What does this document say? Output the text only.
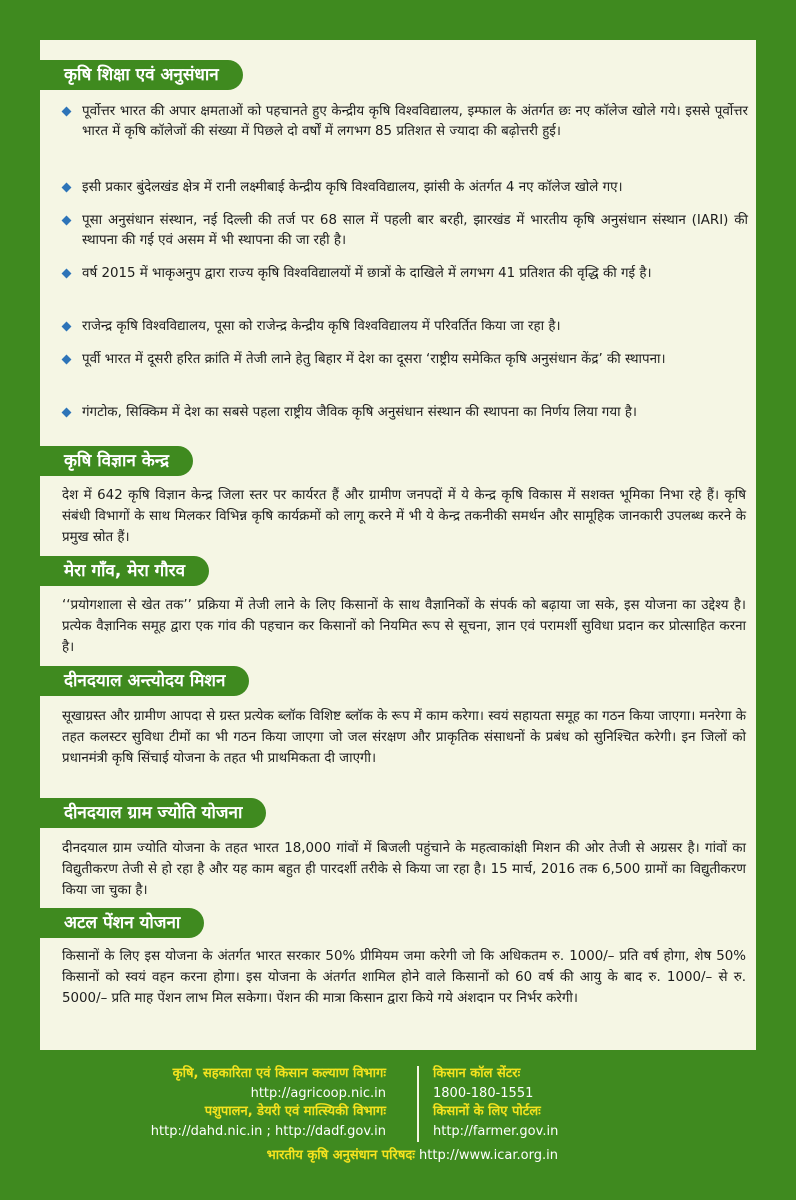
कृषि शिक्षा एवं अनुसंधान
पूर्वोत्तर भारत की अपार क्षमताओं को पहचानते हुए केन्द्रीय कृषि विश्वविद्यालय, इम्फाल के अंतर्गत छः नए कॉलेज खोले गये। इससे पूर्वोत्तर भारत में कृषि कॉलेजों की संख्या में पिछले दो वर्षों में लगभग 85 प्रतिशत से ज्यादा की बढ़ोत्तरी हुई।
इसी प्रकार बुंदेलखंड क्षेत्र में रानी लक्ष्मीबाई केन्द्रीय कृषि विश्वविद्यालय, झांसी के अंतर्गत 4 नए कॉलेज खोले गए।
पूसा अनुसंधान संस्थान, नई दिल्ली की तर्ज पर 68 साल में पहली बार बरही, झारखंड में भारतीय कृषि अनुसंधान संस्थान (IARI) की स्थापना की गई एवं असम में भी स्थापना की जा रही है।
वर्ष 2015 में भाकृअनुप द्वारा राज्य कृषि विश्वविद्यालयों में छात्रों के दाखिले में लगभग 41 प्रतिशत की वृद्धि की गई है।
राजेन्द्र कृषि विश्वविद्यालय, पूसा को राजेन्द्र केन्द्रीय कृषि विश्वविद्यालय में परिवर्तित किया जा रहा है।
पूर्वी भारत में दूसरी हरित क्रांति में तेजी लाने हेतु बिहार में देश का दूसरा ‘राष्ट्रीय समेकित कृषि अनुसंधान केंद्र’ की स्थापना।
गंगटोक, सिक्किम में देश का सबसे पहला राष्ट्रीय जैविक कृषि अनुसंधान संस्थान की स्थापना का निर्णय लिया गया है।
कृषि विज्ञान केन्द्र
देश में 642 कृषि विज्ञान केन्द्र जिला स्तर पर कार्यरत हैं और ग्रामीण जनपदों में ये केन्द्र कृषि विकास में सशक्त भूमिका निभा रहे हैं। कृषि संबंधी विभागों के साथ मिलकर विभिन्न कृषि कार्यक्रमों को लागू करने में भी ये केन्द्र तकनीकी समर्थन और सामूहिक जानकारी उपलब्ध करने के प्रमुख स्रोत हैं।
मेरा गाँव, मेरा गौरव
‘‘प्रयोगशाला से खेत तक’’ प्रक्रिया में तेजी लाने के लिए किसानों के साथ वैज्ञानिकों के संपर्क को बढ़ाया जा सके, इस योजना का उद्देश्य है। प्रत्येक वैज्ञानिक समूह द्वारा एक गांव की पहचान कर किसानों को नियमित रूप से सूचना, ज्ञान एवं परामर्शी सुविधा प्रदान कर प्रोत्साहित करना है।
दीनदयाल अन्त्योदय मिशन
सूखाग्रस्त और ग्रामीण आपदा से ग्रस्त प्रत्येक ब्लॉक विशिष्ट ब्लॉक के रूप में काम करेगा। स्वयं सहायता समूह का गठन किया जाएगा। मनरेगा के तहत कलस्टर सुविधा टीमों का भी गठन किया जाएगा जो जल संरक्षण और प्राकृतिक संसाधनों के प्रबंध को सुनिश्चित करेगी। इन जिलों को प्रधानमंत्री कृषि सिंचाई योजना के तहत भी प्राथमिकता दी जाएगी।
दीनदयाल ग्राम ज्योति योजना
दीनदयाल ग्राम ज्योति योजना के तहत भारत 18,000 गांवों में बिजली पहुंचाने के महत्वाकांक्षी मिशन की ओर तेजी से अग्रसर है। गांवों का विद्युतीकरण तेजी से हो रहा है और यह काम बहुत ही पारदर्शी तरीके से किया जा रहा है। 15 मार्च, 2016 तक 6,500 ग्रामों का विद्युतीकरण किया जा चुका है।
अटल पेंशन योजना
किसानों के लिए इस योजना के अंतर्गत भारत सरकार 50% प्रीमियम जमा करेगी जो कि अधिकतम रु. 1000/– प्रति वर्ष होगा, शेष 50% किसानों को स्वयं वहन करना होगा। इस योजना के अंतर्गत शामिल होने वाले किसानों को 60 वर्ष की आयु के बाद रु. 1000/– से रु. 5000/– प्रति माह पेंशन लाभ मिल सकेगा। पेंशन की मात्रा किसान द्वारा किये गये अंशदान पर निर्भर करेगी।
कृषि, सहकारिता एवं किसान कल्याण विभागः
http://agricoop.nic.in
पशुपालन, डेयरी एवं मात्स्यिकी विभागः
http://dahd.nic.in ; http://dadf.gov.in
किसान कॉल सेंटरः
1800-180-1551
किसानों के लिए पोर्टलः
http://farmer.gov.in
भारतीय कृषि अनुसंधान परिषदः http://www.icar.org.in
